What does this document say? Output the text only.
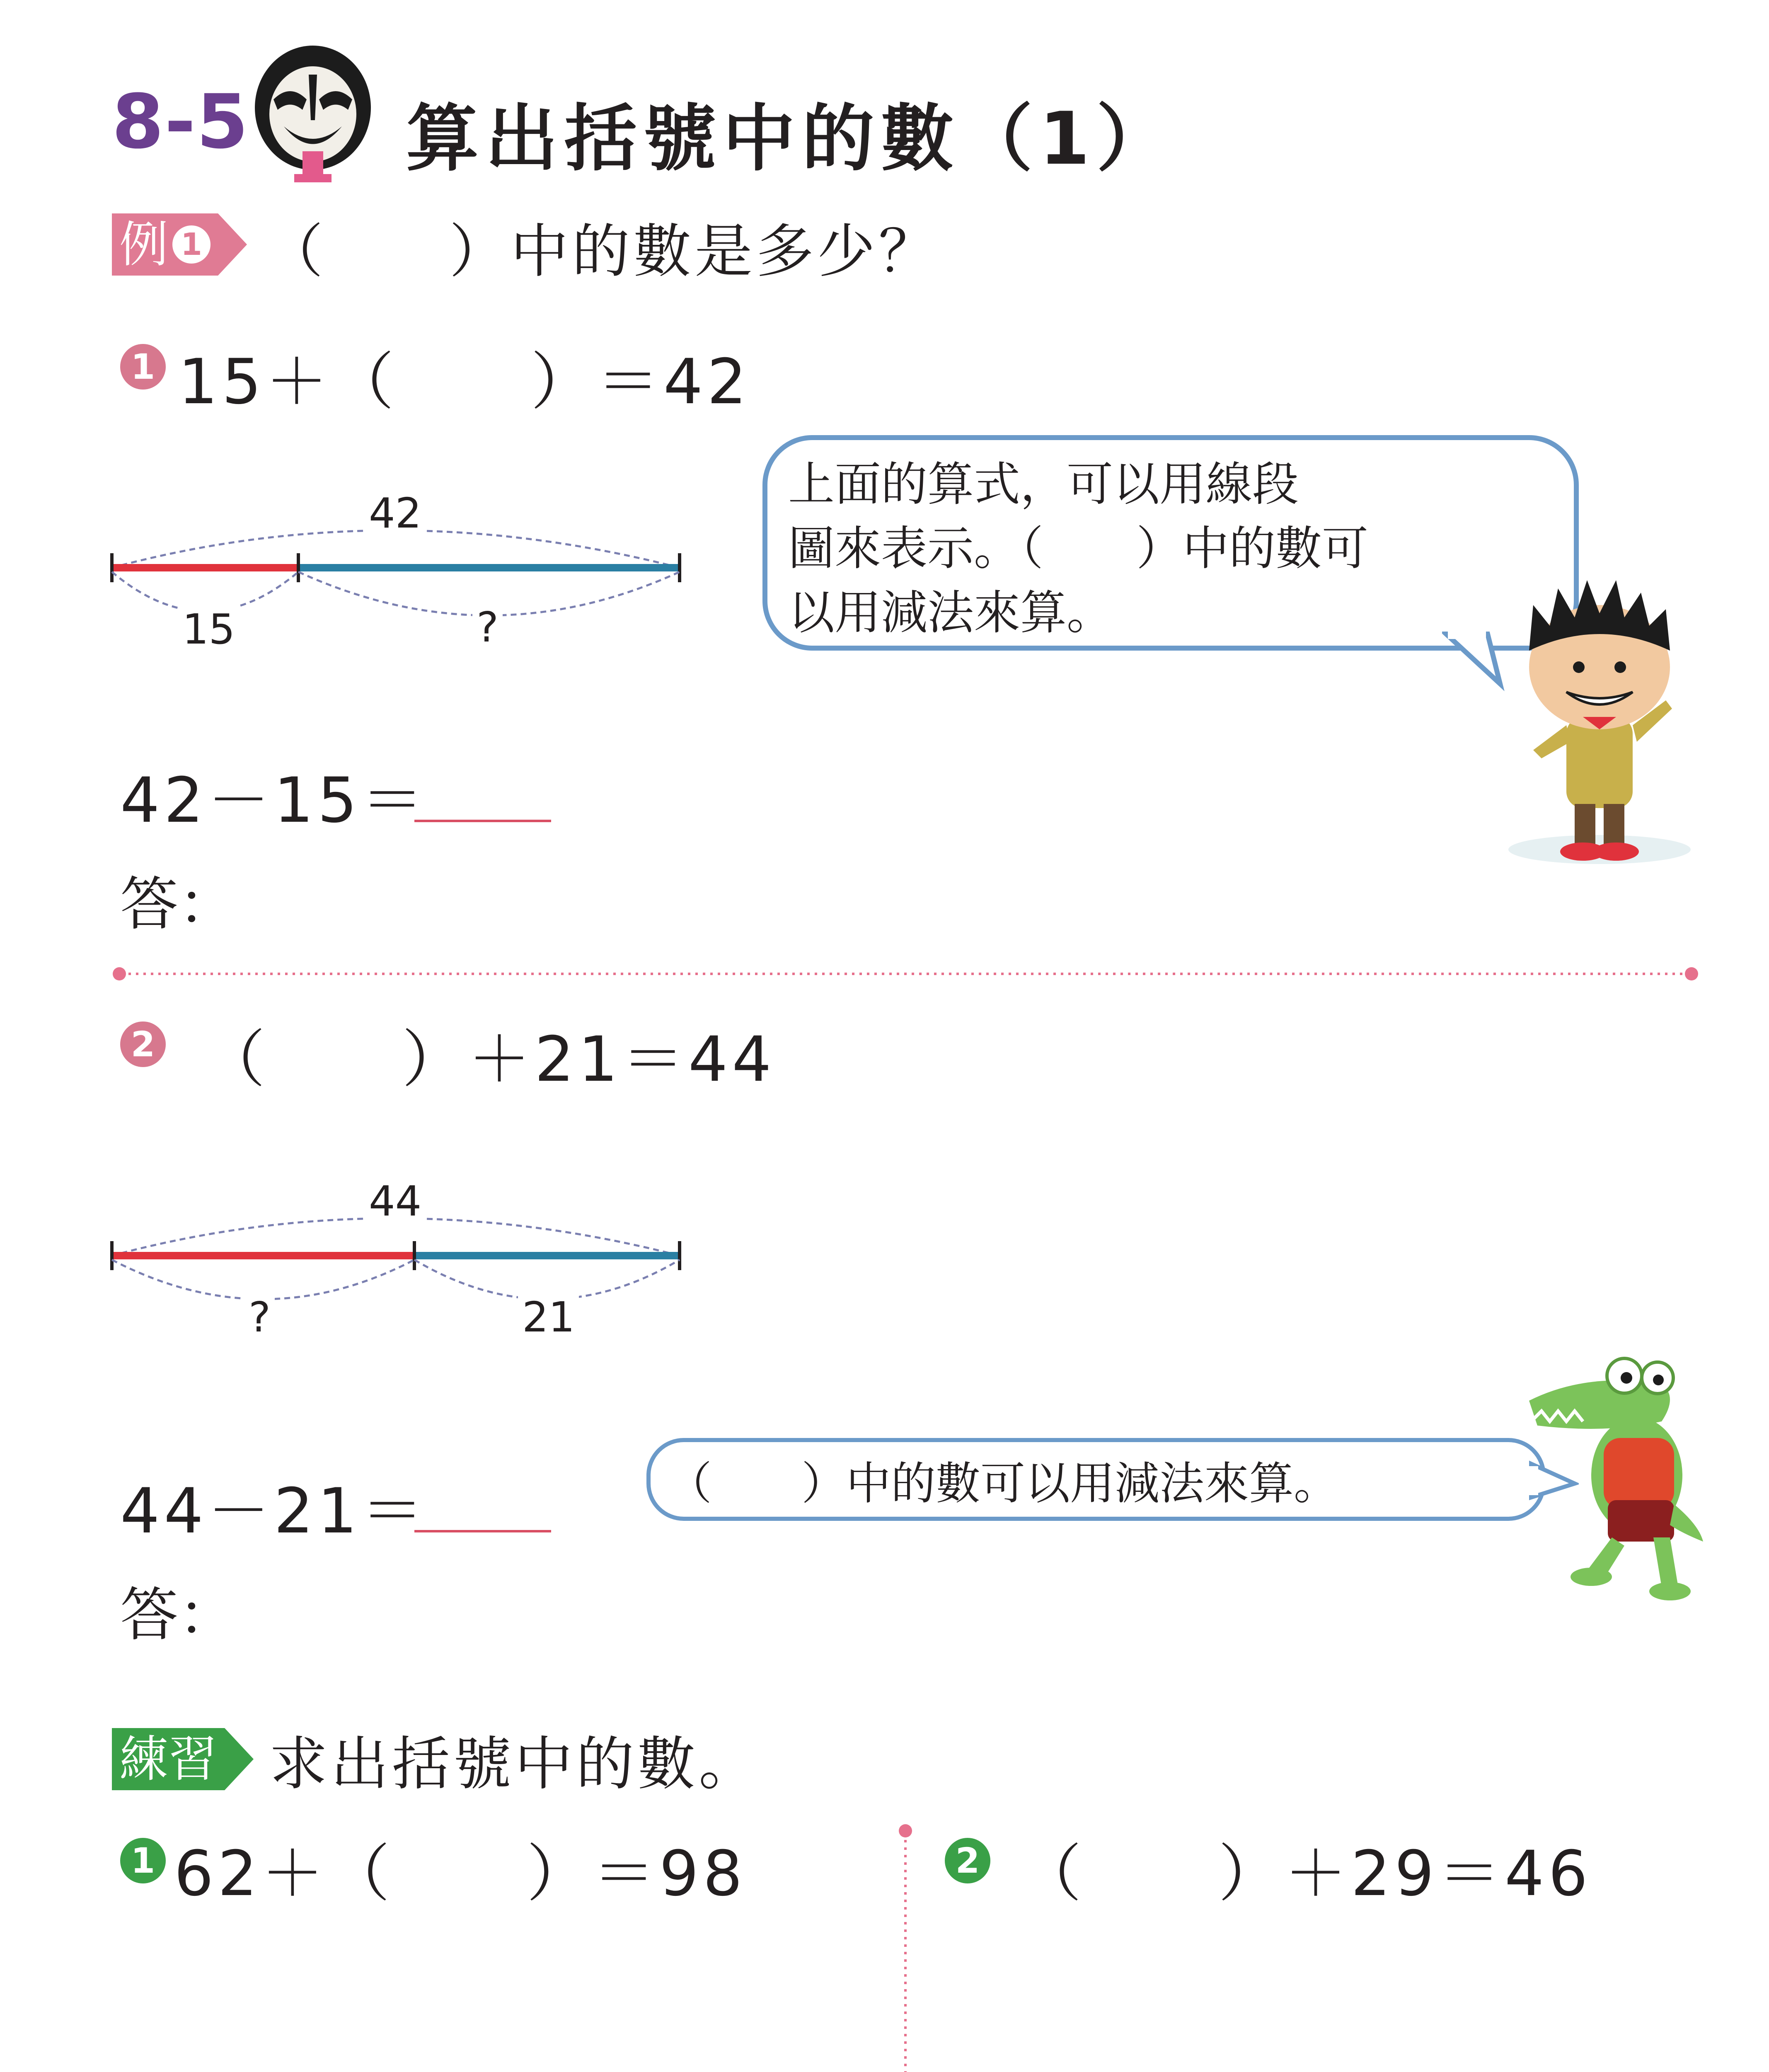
8-5 算出括號中的數（1）
例 1 （　　）中的數是多少？
1 15＋（　　）＝42
42
15	?
上面的算式，可以用線段
圖來表示。（　　）中的數可
以用減法來算。
42－15＝
答：
2 （　　）＋21＝44
44
?	21
（　　）中的數可以用減法來算。
44－21＝
答：
練習 求出括號中的數。
1 62＋（　　）＝98	2 （　　）＋29＝46
